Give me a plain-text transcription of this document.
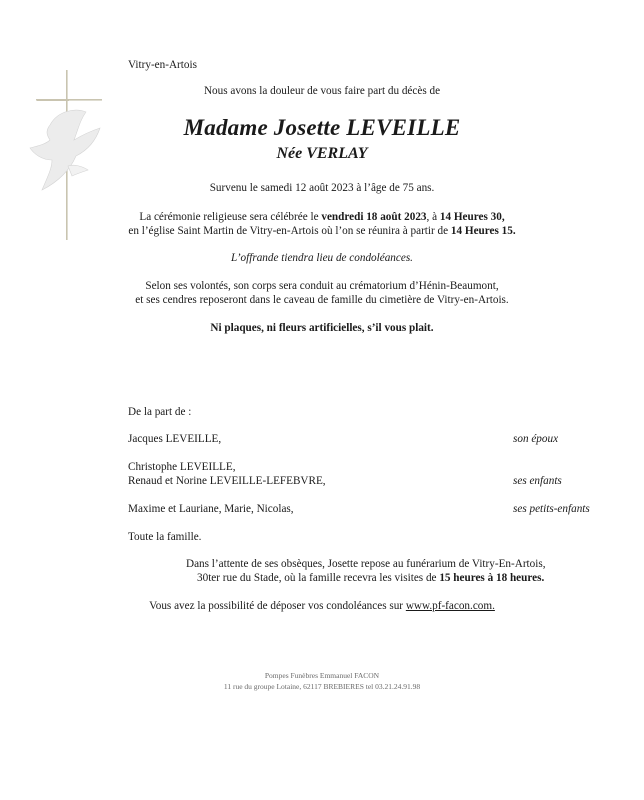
Vitry-en-Artois
Nous avons la douleur de vous faire part du décès de
Madame Josette LEVEILLE
Née VERLAY
Survenu le samedi 12 août 2023 à l’âge de 75 ans.
La cérémonie religieuse sera célébrée le vendredi 18 août 2023, à 14 Heures 30,
en l’église Saint Martin de Vitry-en-Artois où l’on se réunira à partir de 14 Heures 15.
L’offrande tiendra lieu de condoléances.
Selon ses volontés, son corps sera conduit au crématorium d’Hénin-Beaumont,
et ses cendres reposeront dans le caveau de famille du cimetière de Vitry-en-Artois.
Ni plaques, ni fleurs artificielles, s’il vous plait.
De la part de :
Jacques LEVEILLE,	son époux
Christophe LEVEILLE,
Renaud et Norine LEVEILLE-LEFEBVRE,	ses enfants
Maxime et Lauriane, Marie, Nicolas,	ses petits-enfants
Toute la famille.
Dans l’attente de ses obsèques, Josette repose au funérarium de Vitry-En-Artois,
30ter rue du Stade, où la famille recevra les visites de 15 heures à 18 heures.
Vous avez la possibilité de déposer vos condoléances sur www.pf-facon.com.
Pompes Funèbres Emmanuel FACON
11 rue du groupe Lotaine, 62117 BREBIERES tel 03.21.24.91.98
